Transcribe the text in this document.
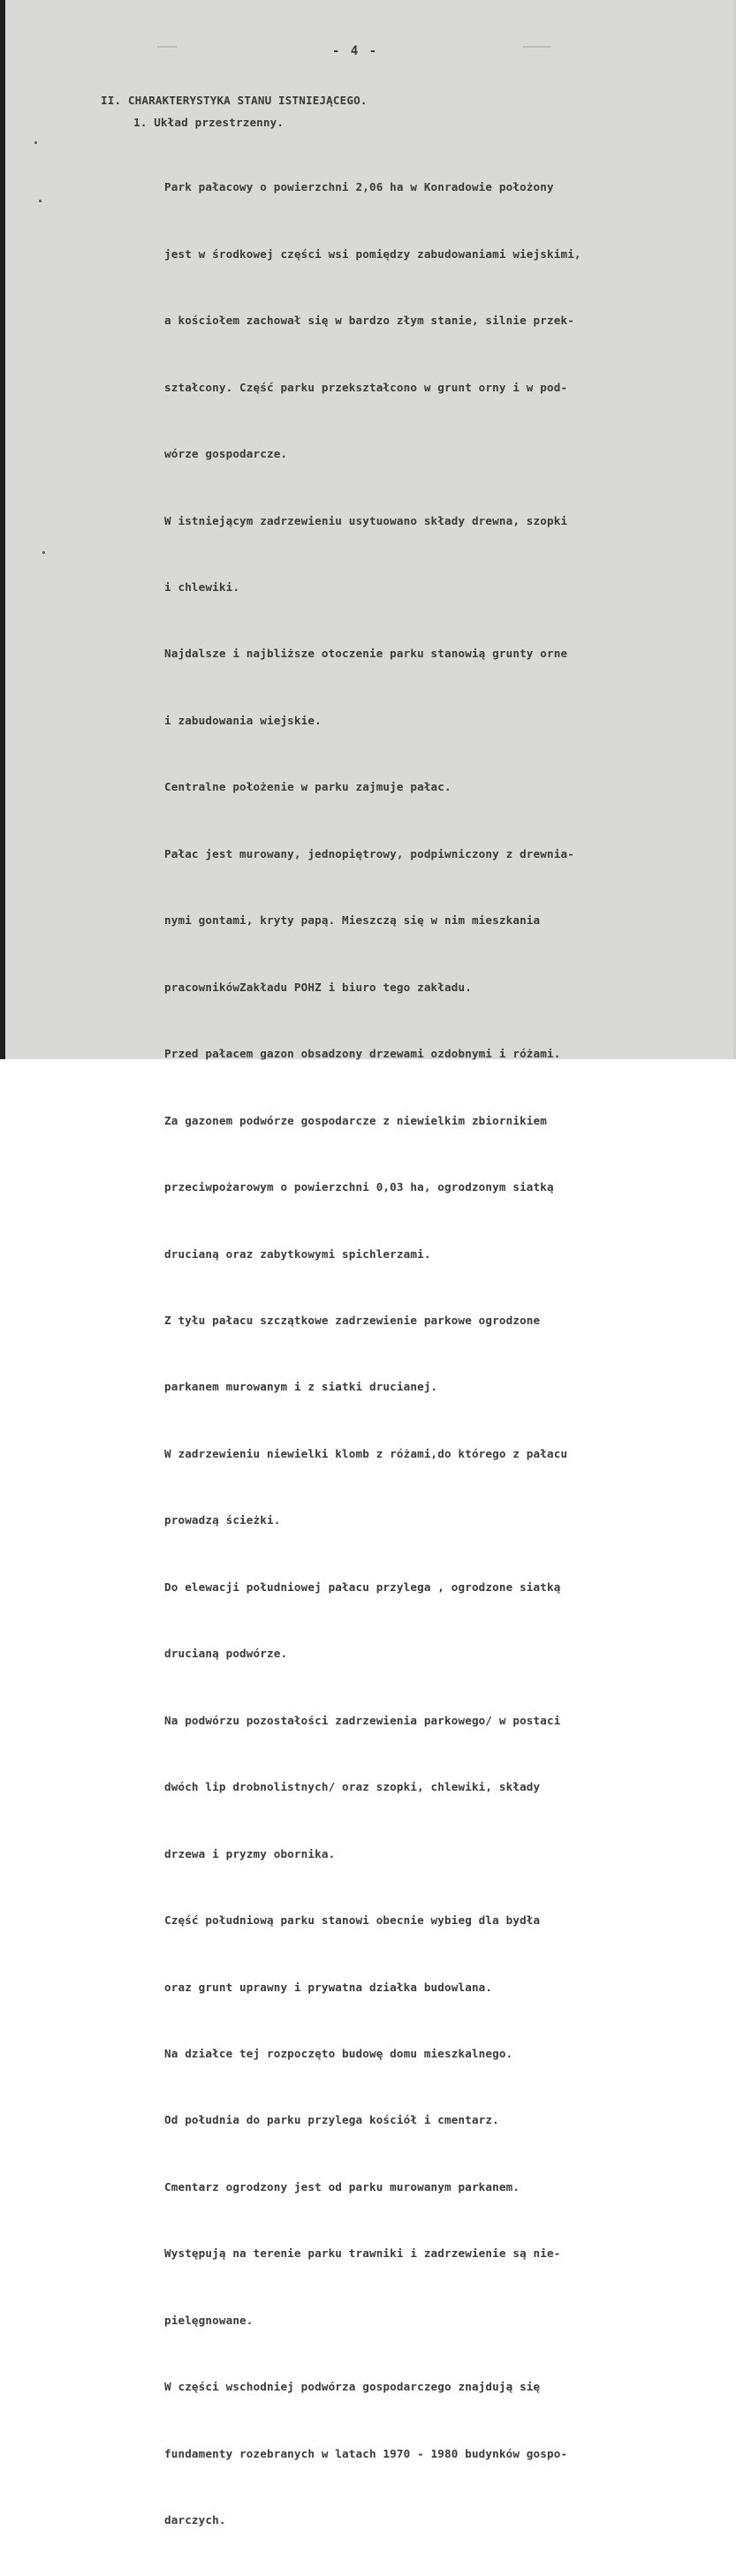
- 4 -
II. CHARAKTERYSTYKA STANU ISTNIEJĄCEGO.
1. Układ przestrzenny.

Park pałacowy o powierzchni 2,06 ha w Konradowie położony

jest w środkowej części wsi pomiędzy zabudowaniami wiejskimi,

a kościołem zachował się w bardzo złym stanie, silnie przek-

ształcony. Część parku przekształcono w grunt orny i w pod-

wórze gospodarcze.

W istniejącym zadrzewieniu usytuowano składy drewna, szopki

i chlewiki.

Najdalsze i najbliższe otoczenie parku stanowią grunty orne

i zabudowania wiejskie.

Centralne położenie w parku zajmuje pałac.

Pałac jest murowany, jednopiętrowy, podpiwniczony z drewnia-

nymi gontami, kryty papą. Mieszczą się w nim mieszkania

pracownikówZakładu POHZ i biuro tego zakładu.

Przed pałacem gazon obsadzony drzewami ozdobnymi i różami.

Za gazonem podwórze gospodarcze z niewielkim zbiornikiem

przeciwpożarowym o powierzchni 0,03 ha, ogrodzonym siatką

drucianą oraz zabytkowymi spichlerzami.

Z tyłu pałacu szczątkowe zadrzewienie parkowe ogrodzone

parkanem murowanym i z siatki drucianej.

W zadrzewieniu niewielki klomb z różami,do którego z pałacu

prowadzą ścieżki.

Do elewacji południowej pałacu przylega , ogrodzone siatką

drucianą podwórze.

Na podwórzu pozostałości zadrzewienia parkowego/ w postaci

dwóch lip drobnolistnych/ oraz szopki, chlewiki, składy

drzewa i pryzmy obornika.

Część południową parku stanowi obecnie wybieg dla bydła

oraz grunt uprawny i prywatna działka budowlana.

Na działce tej rozpoczęto budowę domu mieszkalnego.

Od południa do parku przylega kościół i cmentarz.

Cmentarz ogrodzony jest od parku murowanym parkanem.

Występują na terenie parku trawniki i zadrzewienie są nie-

pielęgnowane.

W części wschodniej podwórza gospodarczego znajdują się

fundamenty rozebranych w latach 1970 - 1980 budynków gospo-

darczych.
